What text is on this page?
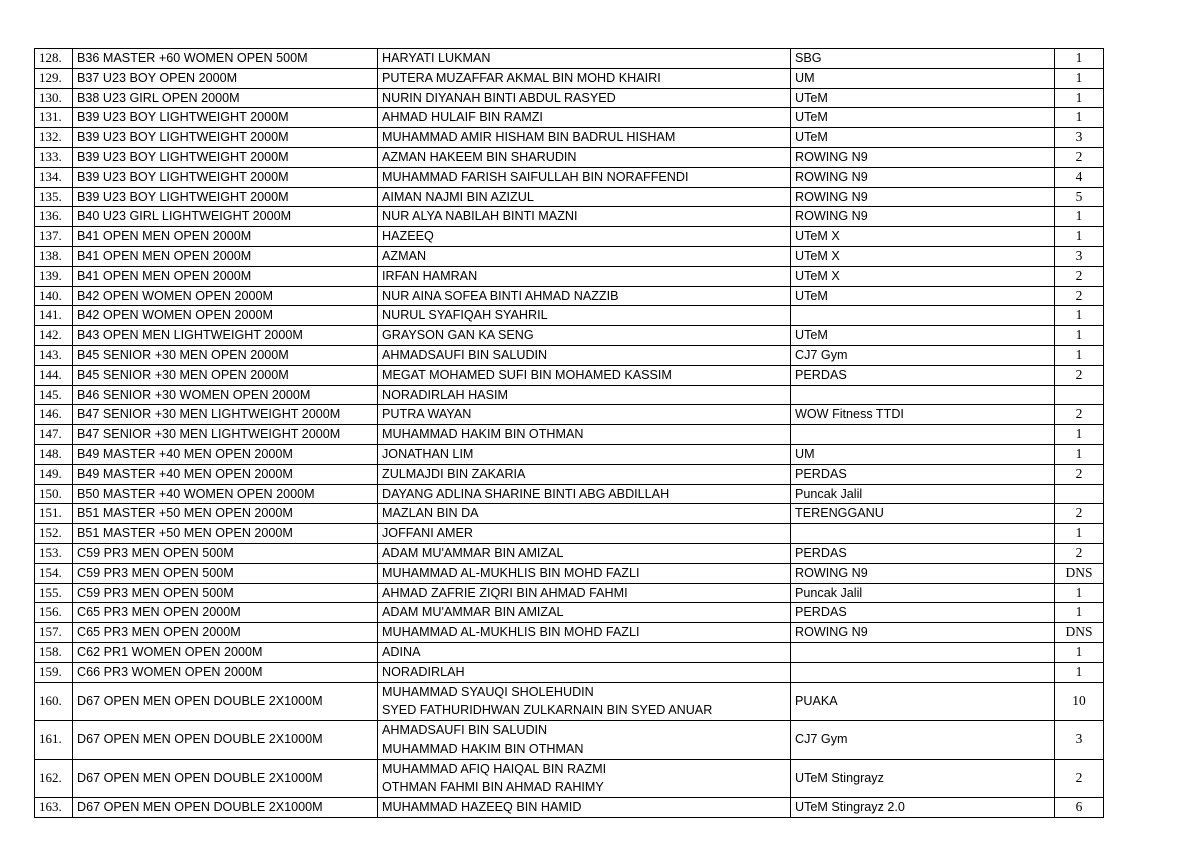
128.	B36 MASTER +60 WOMEN OPEN 500M	HARYATI LUKMAN	SBG	1
129.	B37 U23 BOY OPEN 2000M	PUTERA MUZAFFAR AKMAL BIN MOHD KHAIRI	UM	1
130.	B38 U23 GIRL OPEN 2000M	NURIN DIYANAH BINTI ABDUL RASYED	UTeM	1
131.	B39 U23 BOY LIGHTWEIGHT 2000M	AHMAD HULAIF BIN RAMZI	UTeM	1
132.	B39 U23 BOY LIGHTWEIGHT 2000M	MUHAMMAD AMIR HISHAM BIN BADRUL HISHAM	UTeM	3
133.	B39 U23 BOY LIGHTWEIGHT 2000M	AZMAN HAKEEM BIN SHARUDIN	ROWING N9	2
134.	B39 U23 BOY LIGHTWEIGHT 2000M	MUHAMMAD FARISH SAIFULLAH BIN NORAFFENDI	ROWING N9	4
135.	B39 U23 BOY LIGHTWEIGHT 2000M	AIMAN NAJMI BIN AZIZUL	ROWING N9	5
136.	B40 U23 GIRL LIGHTWEIGHT 2000M	NUR ALYA NABILAH BINTI MAZNI	ROWING N9	1
137.	B41 OPEN MEN OPEN 2000M	HAZEEQ	UTeM X	1
138.	B41 OPEN MEN OPEN 2000M	AZMAN	UTeM X	3
139.	B41 OPEN MEN OPEN 2000M	IRFAN HAMRAN	UTeM X	2
140.	B42 OPEN WOMEN OPEN 2000M	NUR AINA SOFEA BINTI AHMAD NAZZIB	UTeM	2
141.	B42 OPEN WOMEN OPEN 2000M	NURUL SYAFIQAH SYAHRIL		1
142.	B43 OPEN MEN LIGHTWEIGHT 2000M	GRAYSON GAN KA SENG	UTeM	1
143.	B45 SENIOR +30 MEN OPEN 2000M	AHMADSAUFI BIN SALUDIN	CJ7 Gym	1
144.	B45 SENIOR +30 MEN OPEN 2000M	MEGAT MOHAMED SUFI BIN MOHAMED KASSIM	PERDAS	2
145.	B46 SENIOR +30 WOMEN OPEN 2000M	NORADIRLAH HASIM		

146.	B47 SENIOR +30 MEN LIGHTWEIGHT 2000M	PUTRA WAYAN	WOW Fitness TTDI	2
147.	B47 SENIOR +30 MEN LIGHTWEIGHT 2000M	MUHAMMAD HAKIM BIN OTHMAN		1
148.	B49 MASTER +40 MEN OPEN 2000M	JONATHAN LIM	UM	1
149.	B49 MASTER +40 MEN OPEN 2000M	ZULMAJDI BIN ZAKARIA	PERDAS	2
150.	B50 MASTER +40 WOMEN OPEN 2000M	DAYANG ADLINA SHARINE BINTI ABG ABDILLAH	Puncak Jalil	
151.	B51 MASTER +50 MEN OPEN 2000M	MAZLAN BIN DA	TERENGGANU	2
152.	B51 MASTER +50 MEN OPEN 2000M	JOFFANI AMER		1
153.	C59 PR3 MEN OPEN 500M	ADAM MU'AMMAR BIN AMIZAL	PERDAS	2
154.	C59 PR3 MEN OPEN 500M	MUHAMMAD AL-MUKHLIS BIN MOHD FAZLI	ROWING N9	DNS
155.	C59 PR3 MEN OPEN 500M	AHMAD ZAFRIE ZIQRI BIN AHMAD FAHMI	Puncak Jalil	1
156.	C65 PR3 MEN OPEN 2000M	ADAM MU'AMMAR BIN AMIZAL	PERDAS	1
157.	C65 PR3 MEN OPEN 2000M	MUHAMMAD AL-MUKHLIS BIN MOHD FAZLI	ROWING N9	DNS
158.	C62 PR1 WOMEN OPEN 2000M	ADINA		1
159.	C66 PR3 WOMEN OPEN 2000M	NORADIRLAH		1
160.	D67 OPEN MEN OPEN DOUBLE 2X1000M	MUHAMMAD SYAUQI SHOLEHUDIN
SYED FATHURIDHWAN ZULKARNAIN BIN SYED ANUAR	PUAKA	10
161.	D67 OPEN MEN OPEN DOUBLE 2X1000M	AHMADSAUFI BIN SALUDIN
MUHAMMAD HAKIM BIN OTHMAN	CJ7 Gym	3
162.	D67 OPEN MEN OPEN DOUBLE 2X1000M	MUHAMMAD AFIQ HAIQAL BIN RAZMI
OTHMAN FAHMI BIN AHMAD RAHIMY	UTeM Stingrayz	2
163.	D67 OPEN MEN OPEN DOUBLE 2X1000M	MUHAMMAD HAZEEQ BIN HAMID	UTeM Stingrayz 2.0	6
